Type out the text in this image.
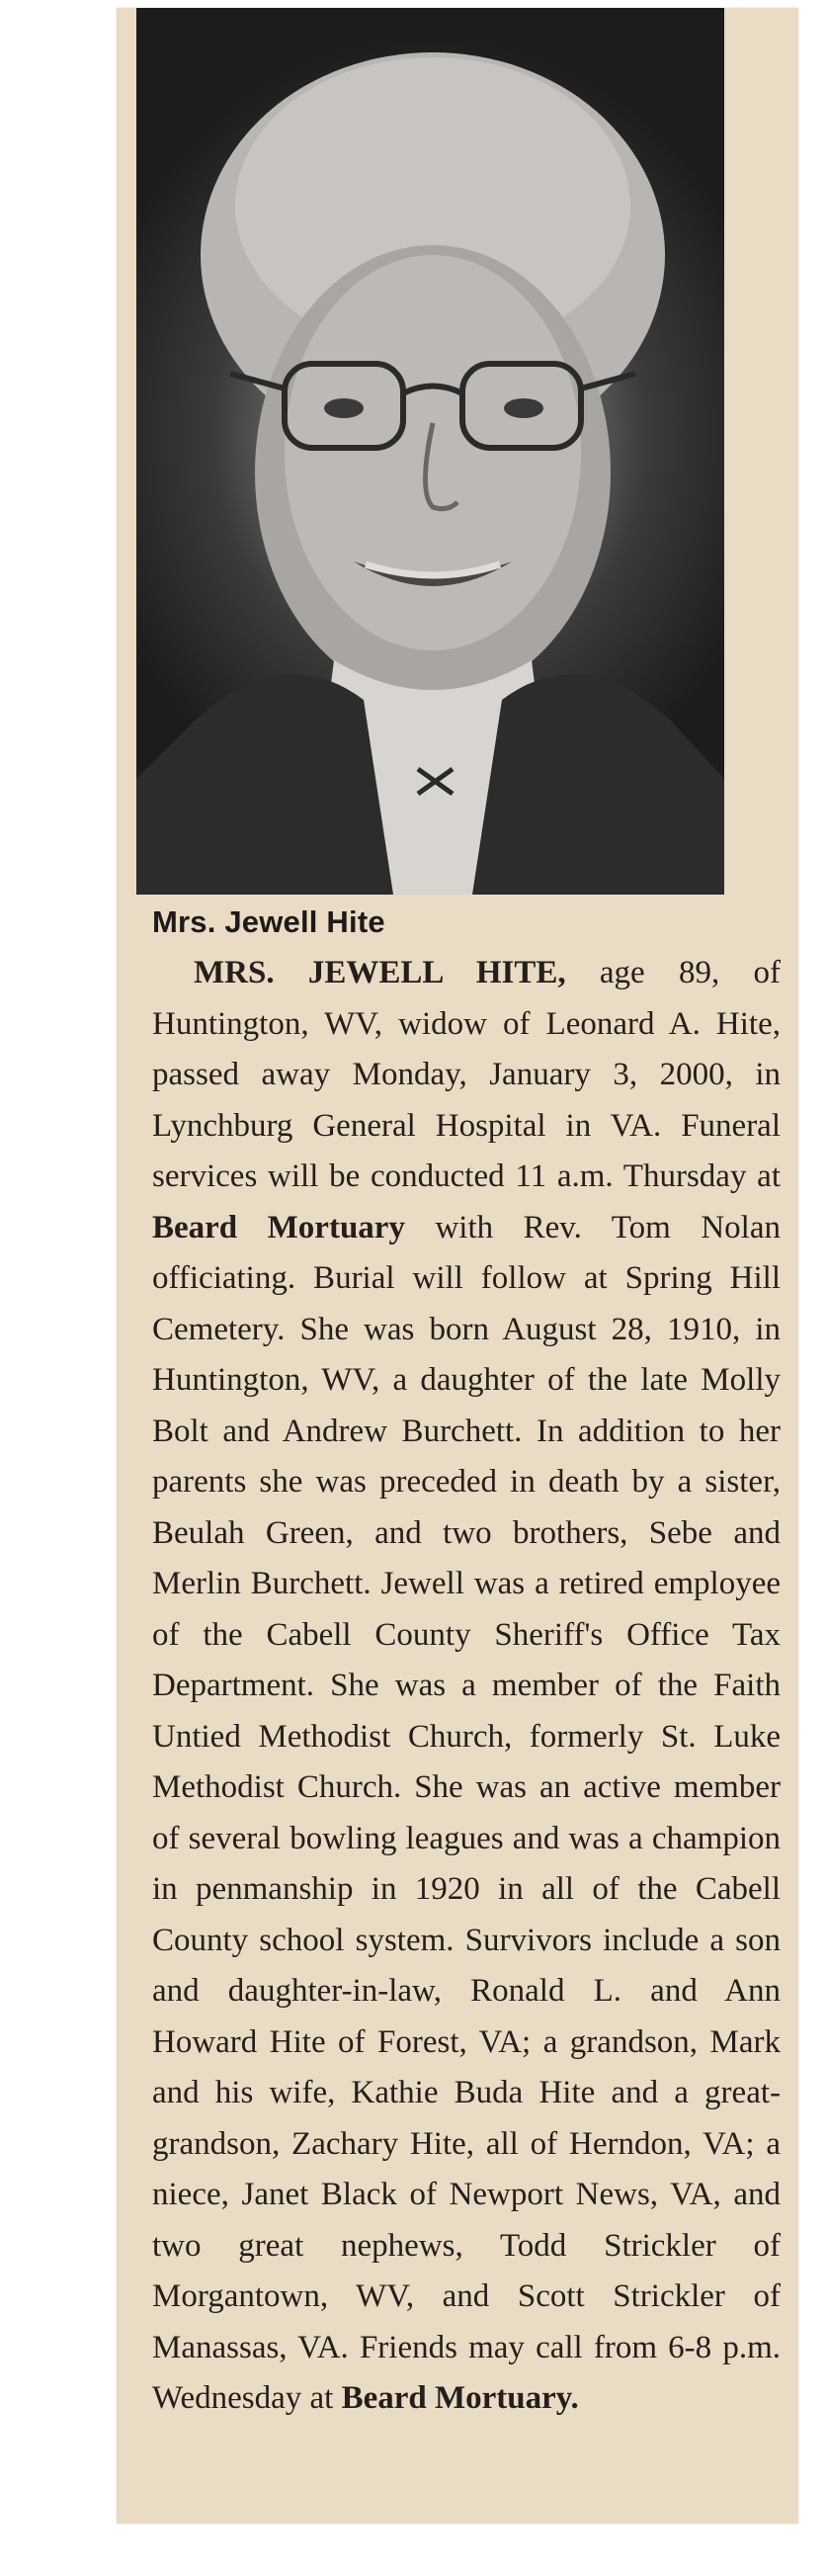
Mrs. Jewell Hite

MRS. JEWELL HITE, age 89, of Huntington, WV, widow of Leonard A. Hite, passed away Monday, January 3, 2000, in Lynchburg General Hospital in VA. Funeral services will be conducted 11 a.m. Thursday at Beard Mortuary with Rev. Tom Nolan officiating. Burial will follow at Spring Hill Cemetery. She was born August 28, 1910, in Huntington, WV, a daughter of the late Molly Bolt and Andrew Burchett. In addition to her parents she was preceded in death by a sister, Beulah Green, and two brothers, Sebe and Merlin Burchett. Jewell was a retired employee of the Cabell County Sheriff's Office Tax Department. She was a member of the Faith Untied Methodist Church, formerly St. Luke Methodist Church. She was an active member of several bowling leagues and was a champion in penmanship in 1920 in all of the Cabell County school system. Survivors include a son and daughter-in-law, Ronald L. and Ann Howard Hite of Forest, VA; a grandson, Mark and his wife, Kathie Buda Hite and a great-grandson, Zachary Hite, all of Herndon, VA; a niece, Janet Black of Newport News, VA, and two great nephews, Todd Strickler of Morgantown, WV, and Scott Strickler of Manassas, VA. Friends may call from 6-8 p.m. Wednesday at Beard Mortuary.
